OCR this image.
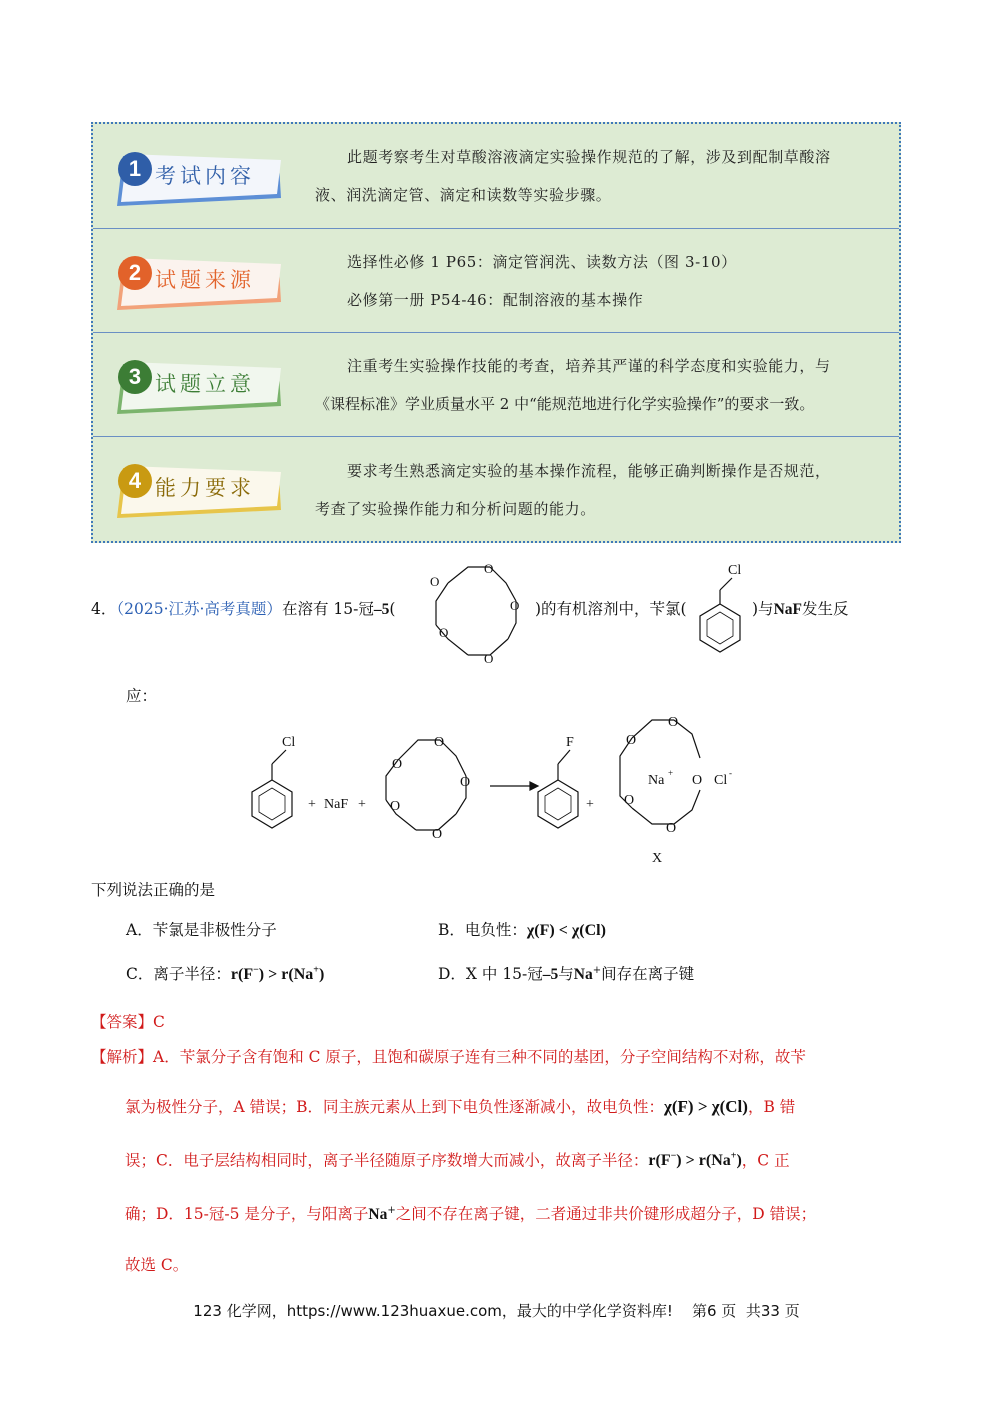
1 考试内容
此题考察考生对草酸溶液滴定实验操作规范的了解，涉及到配制草酸溶
液、润洗滴定管、滴定和读数等实验步骤。
2 试题来源
选择性必修 1 P65：滴定管润洗、读数方法（图 3-10）
必修第一册 P54-46：配制溶液的基本操作
3 试题立意
注重考生实验操作技能的考查，培养其严谨的科学态度和实验能力，与
《课程标准》学业质量水平 2 中“能规范地进行化学实验操作”的要求一致。
4 能力要求
要求考生熟悉滴定实验的基本操作流程，能够正确判断操作是否规范，
考查了实验操作能力和分析问题的能力。
4．（2025·江苏·高考真题）在溶有 15-冠–5(
O
O
O
O
O
)的有机溶剂中，苄氯(
Cl
)与NaF发生反
应：
Cl
+ NaF +
O
O
O
O
O
F
+
O
O
O
O
O
Na +	Cl -
X
下列说法正确的是
A．苄氯是非极性分子	B．电负性：χ(F) < χ(Cl)
C．离子半径：r(F−) > r(Na+)	D．X 中 15-冠–5与Na+间存在离子键
【答案】C
【解析】A．苄氯分子含有饱和 C 原子，且饱和碳原子连有三种不同的基团，分子空间结构不对称，故苄
氯为极性分子，A 错误；B．同主族元素从上到下电负性逐渐减小，故电负性：χ(F) > χ(Cl)，B 错
误；C．电子层结构相同时，离子半径随原子序数增大而减小，故离子半径：r(F−) > r(Na+)，C 正
确；D．15-冠-5 是分子，与阳离子Na+之间不存在离子键，二者通过非共价键形成超分子，D 错误；
故选 C。
123 化学网，https://www.123huaxue.com，最大的中学化学资料库!    第6 页  共33 页
